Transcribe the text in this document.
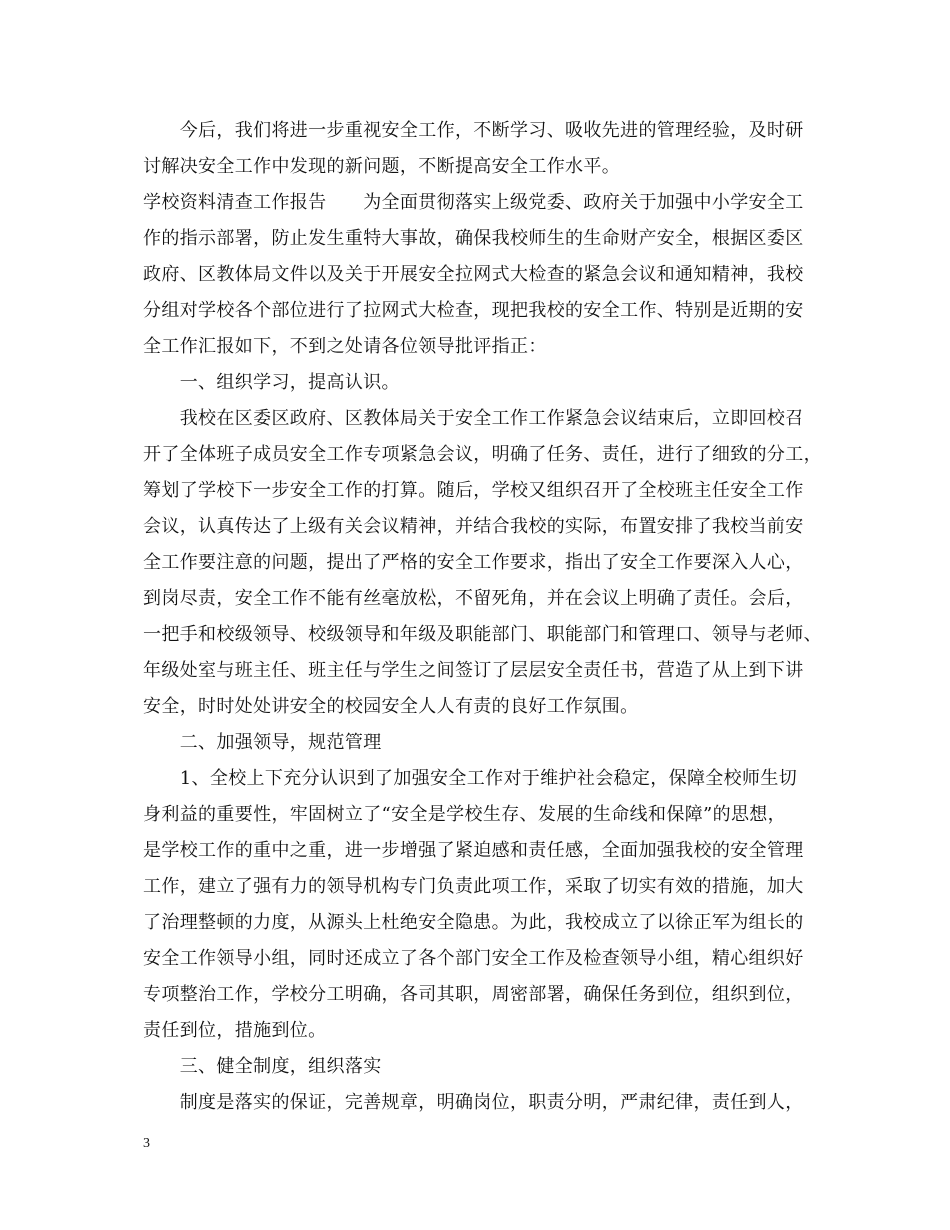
　　今后，我们将进一步重视安全工作，不断学习、吸收先进的管理经验，及时研
讨解决安全工作中发现的新问题，不断提高安全工作水平。
学校资料清查工作报告　　为全面贯彻落实上级党委、政府关于加强中小学安全工
作的指示部署，防止发生重特大事故，确保我校师生的生命财产安全，根据区委区
政府、区教体局文件以及关于开展安全拉网式大检查的紧急会议和通知精神，我校
分组对学校各个部位进行了拉网式大检查，现把我校的安全工作、特别是近期的安
全工作汇报如下，不到之处请各位领导批评指正：
　　一、组织学习，提高认识。
　　我校在区委区政府、区教体局关于安全工作工作紧急会议结束后，立即回校召
开了全体班子成员安全工作专项紧急会议，明确了任务、责任，进行了细致的分工，
筹划了学校下一步安全工作的打算。随后，学校又组织召开了全校班主任安全工作
会议，认真传达了上级有关会议精神，并结合我校的实际，布置安排了我校当前安
全工作要注意的问题，提出了严格的安全工作要求，指出了安全工作要深入人心，
到岗尽责，安全工作不能有丝毫放松，不留死角，并在会议上明确了责任。会后，
一把手和校级领导、校级领导和年级及职能部门、职能部门和管理口、领导与老师、
年级处室与班主任、班主任与学生之间签订了层层安全责任书，营造了从上到下讲
安全，时时处处讲安全的校园安全人人有责的良好工作氛围。
　　二、加强领导，规范管理
　　1、全校上下充分认识到了加强安全工作对于维护社会稳定，保障全校师生切
身利益的重要性，牢固树立了“安全是学校生存、发展的生命线和保障”的思想，
是学校工作的重中之重，进一步增强了紧迫感和责任感，全面加强我校的安全管理
工作，建立了强有力的领导机构专门负责此项工作，采取了切实有效的措施，加大
了治理整顿的力度，从源头上杜绝安全隐患。为此，我校成立了以徐正军为组长的
安全工作领导小组，同时还成立了各个部门安全工作及检查领导小组，精心组织好
专项整治工作，学校分工明确，各司其职，周密部署，确保任务到位，组织到位，
责任到位，措施到位。
　　三、健全制度，组织落实
　　制度是落实的保证，完善规章，明确岗位，职责分明，严肃纪律，责任到人，
3
